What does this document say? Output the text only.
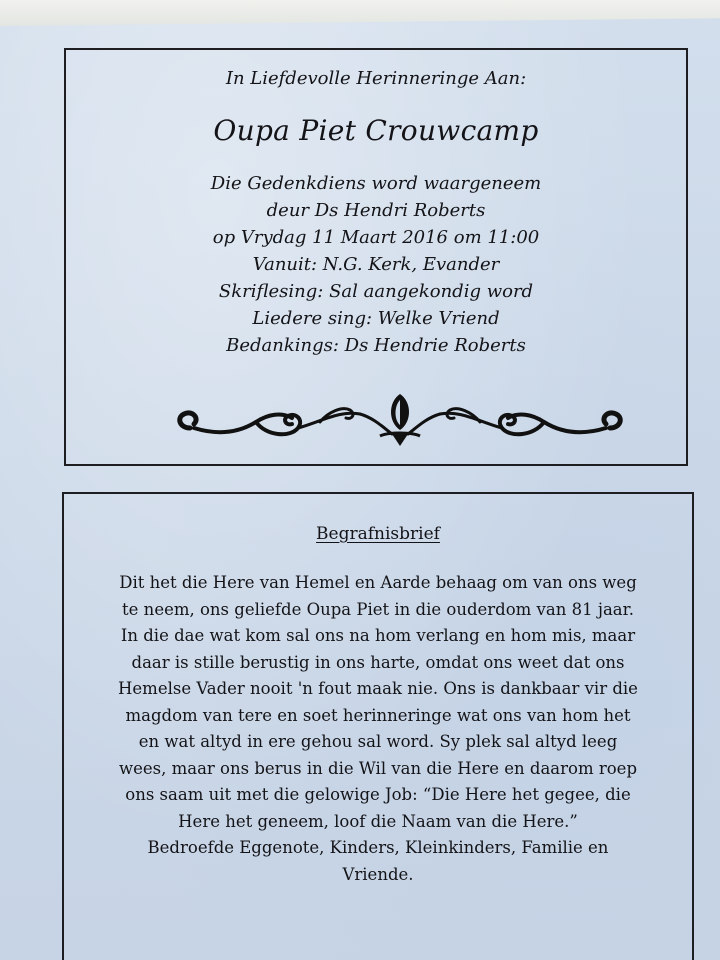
In Liefdevolle Herinneringe Aan:
Oupa Piet Crouwcamp
Die Gedenkdiens word waargeneem
deur Ds Hendri Roberts
op Vrydag 11 Maart 2016 om 11:00
Vanuit: N.G. Kerk, Evander
Skriflesing: Sal aangekondig word
Liedere sing: Welke Vriend
Bedankings: Ds Hendrie Roberts
Begrafnisbrief
Dit het die Here van Hemel en Aarde behaag om van ons weg
te neem, ons geliefde Oupa Piet in die ouderdom van 81 jaar.
In die dae wat kom sal ons na hom verlang en hom mis, maar
daar is stille berustig in ons harte, omdat ons weet dat ons
Hemelse Vader nooit 'n fout maak nie. Ons is dankbaar vir die
magdom van tere en soet herinneringe wat ons van hom het
en wat altyd in ere gehou sal word. Sy plek sal altyd leeg
wees, maar ons berus in die Wil van die Here en daarom roep
ons saam uit met die gelowige Job: “Die Here het gegee, die
Here het geneem, loof die Naam van die Here.”
Bedroefde Eggenote, Kinders, Kleinkinders, Familie en
Vriende.
